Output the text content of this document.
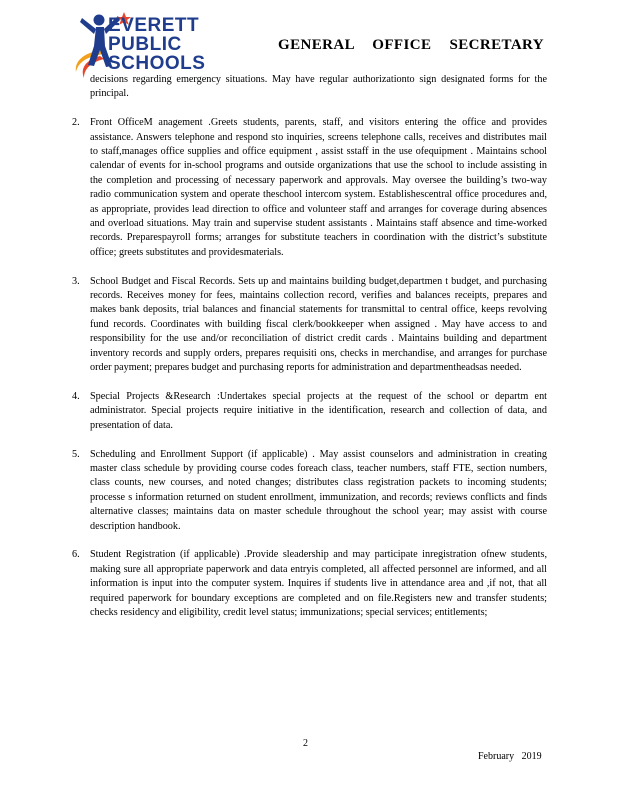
EVERETT
PUBLIC
SCHOOLS
GENERAL OFFICE SECRETARY
decisions regarding emergency situations. May have regular authorizationto sign designated forms for the principal.
2. Front OfficeM anagement .Greets students, parents, staff, and visitors entering the office and provides assistance. Answers telephone and respond sto inquiries, screens telephone calls, receives and distributes mail to staff,manages office supplies and office equipment , assist sstaff in the use ofequipment . Maintains school calendar of events for in-school programs and outside organizations that use the school to include assisting in the completion and processing of necessary paperwork and approvals. May oversee the building’s two-way radio communication system and operate theschool intercom system. Establishescentral office procedures and, as appropriate, provides lead direction to office and volunteer staff and arranges for coverage during absences and overload situations. May train and supervise student assistants . Maintains staff absence and time-worked records. Preparespayroll forms; arranges for substitute teachers in coordination with the district’s substitute office; greets substitutes and providesmaterials.
3. School Budget and Fiscal Records. Sets up and maintains building budget,departmen t budget, and purchasing records. Receives money for fees, maintains collection record, verifies and balances receipts, prepares and makes bank deposits, trial balances and financial statements for transmittal to central office, keeps revolving fund records. Coordinates with building fiscal clerk/bookkeeper when assigned . May have access to and responsibility for the use and/or reconciliation of district credit cards . Maintains building and department inventory records and supply orders, prepares requisiti ons, checks in merchandise, and arranges for purchase order payment; prepares budget and purchasing reports for administration and departmentheadsas needed.
4. Special Projects &Research :Undertakes special projects at the request of the school or departm ent administrator. Special projects require initiative in the identification, research and collection of data, and presentation of data.
5. Scheduling and Enrollment Support (if applicable) . May assist counselors and administration in creating master class schedule by providing course codes foreach class, teacher numbers, staff FTE, section numbers, class counts, new courses, and noted changes; distributes class registration packets to incoming students; processe s information returned on student enrollment, immunization, and records; reviews conflicts and finds alternative classes; maintains data on master schedule throughout the school year; may assist with course description handbook.
6. Student Registration (if applicable) .Provide sleadership and may participate inregistration ofnew students, making sure all appropriate paperwork and data entryis completed, all affected personnel are informed, and all information is input into the computer system. Inquires if students live in attendance area and ,if not, that all required paperwork for boundary exceptions are completed and on file.Registers new and transfer students; checks residency and eligibility, credit level status; immunizations; special services; entitlements;
2
February 2019
